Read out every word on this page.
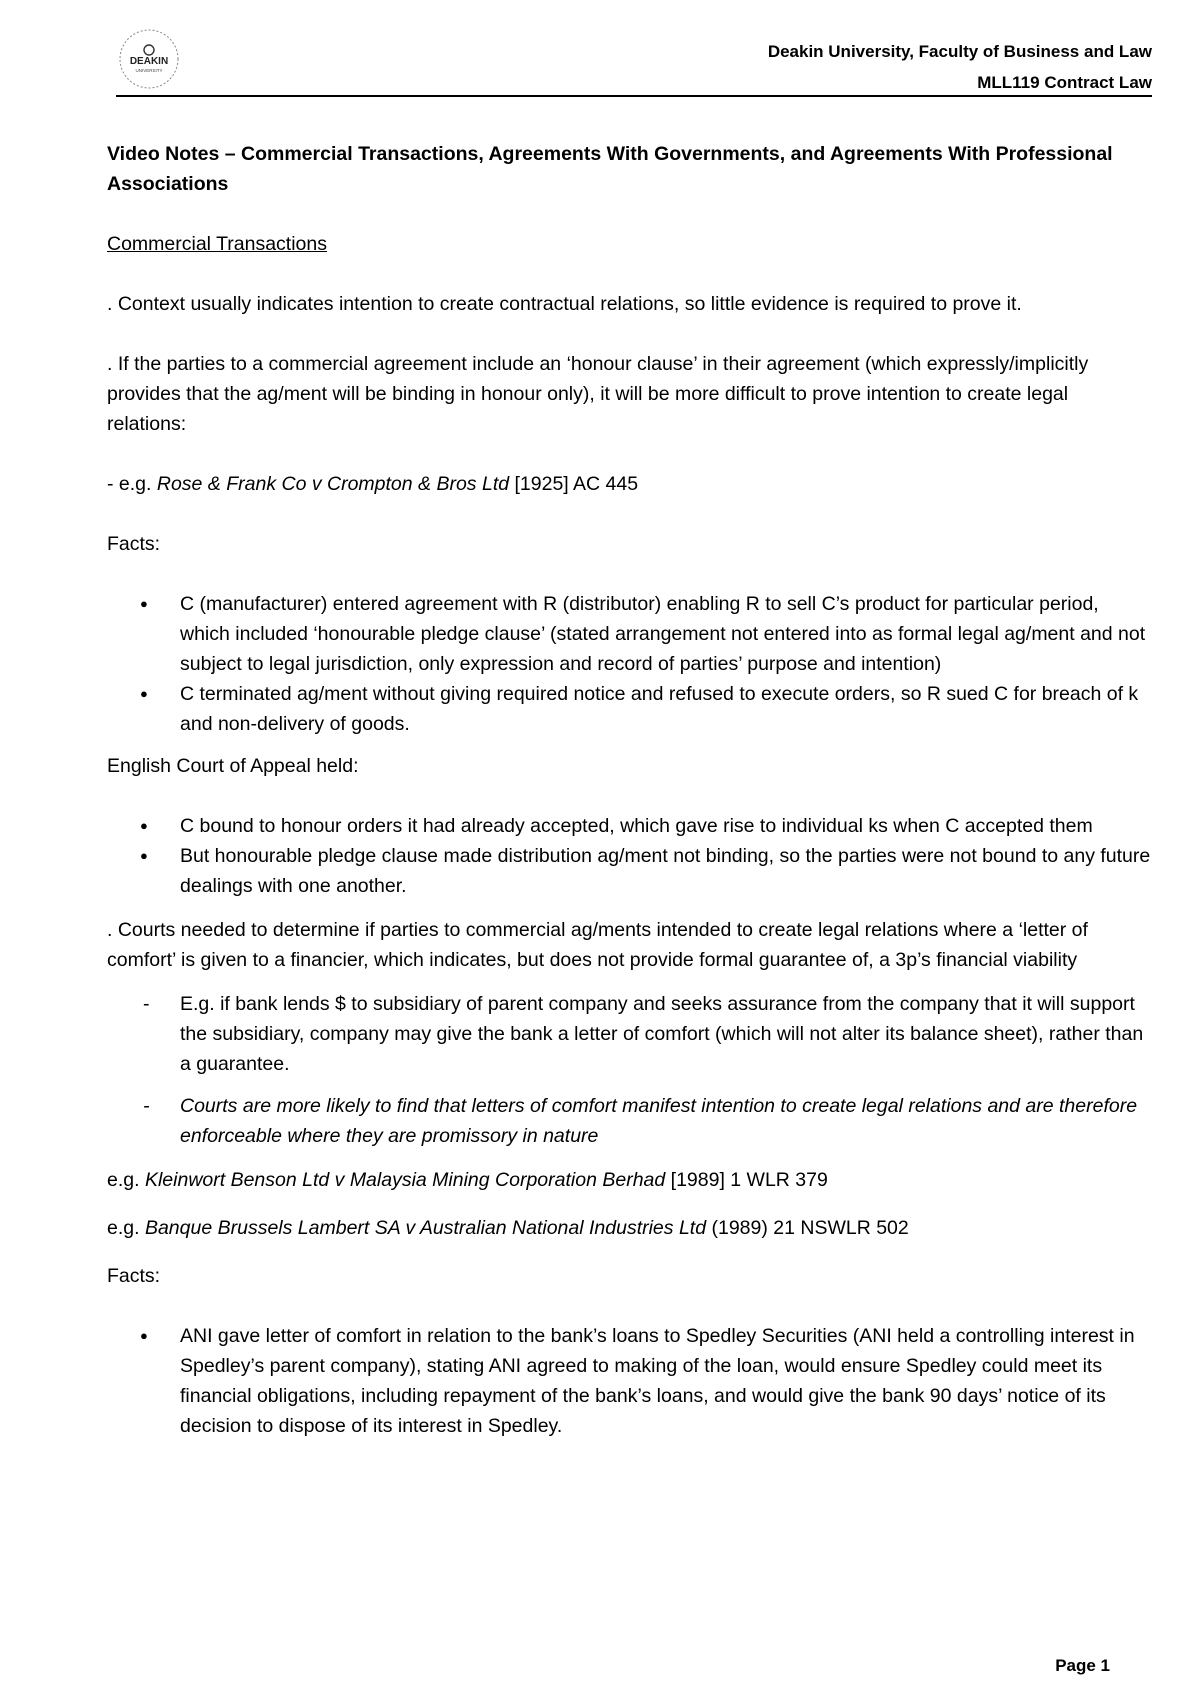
DEAKIN
UNIVERSITY
Deakin University, Faculty of Business and Law
MLL119 Contract Law
Video Notes – Commercial Transactions, Agreements With Governments, and Agreements With Professional Associations
Commercial Transactions
. Context usually indicates intention to create contractual relations, so little evidence is required to prove it.
. If the parties to a commercial agreement include an ‘honour clause’ in their agreement (which expressly/implicitly provides that the ag/ment will be binding in honour only), it will be more difficult to prove intention to create legal relations:
- e.g. Rose & Frank Co v Crompton & Bros Ltd [1925] AC 445
Facts:
● C (manufacturer) entered agreement with R (distributor) enabling R to sell C’s product for particular period, which included ‘honourable pledge clause’ (stated arrangement not entered into as formal legal ag/ment and not subject to legal jurisdiction, only expression and record of parties’ purpose and intention)
● C terminated ag/ment without giving required notice and refused to execute orders, so R sued C for breach of k and non-delivery of goods.
English Court of Appeal held:
● C bound to honour orders it had already accepted, which gave rise to individual ks when C accepted them
● But honourable pledge clause made distribution ag/ment not binding, so the parties were not bound to any future dealings with one another.
. Courts needed to determine if parties to commercial ag/ments intended to create legal relations where a ‘letter of comfort’ is given to a financier, which indicates, but does not provide formal guarantee of, a 3p’s financial viability
- E.g. if bank lends $ to subsidiary of parent company and seeks assurance from the company that it will support the subsidiary, company may give the bank a letter of comfort (which will not alter its balance sheet), rather than a guarantee.
- Courts are more likely to find that letters of comfort manifest intention to create legal relations and are therefore enforceable where they are promissory in nature
e.g. Kleinwort Benson Ltd v Malaysia Mining Corporation Berhad [1989] 1 WLR 379
e.g. Banque Brussels Lambert SA v Australian National Industries Ltd (1989) 21 NSWLR 502
Facts:
● ANI gave letter of comfort in relation to the bank’s loans to Spedley Securities (ANI held a controlling interest in Spedley’s parent company), stating ANI agreed to making of the loan, would ensure Spedley could meet its financial obligations, including repayment of the bank’s loans, and would give the bank 90 days’ notice of its decision to dispose of its interest in Spedley.
Page 1
